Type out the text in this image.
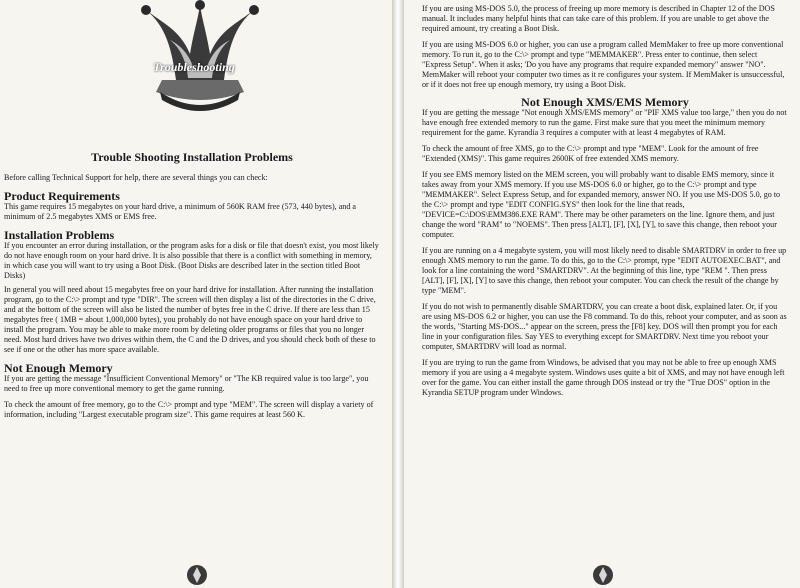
Troubleshooting
Trouble Shooting Installation Problems

Before calling Technical Support for help, there are several things you can check:

Product Requirements

This game requires 15 megabytes on your hard drive, a minimum of 560K RAM free (573, 440 bytes), and a minimum of 2.5 megabytes XMS or EMS free.

Installation Problems

If you encounter an error during installation, or the program asks for a disk or file that doesn't exist, you most likely do not have enough room on your hard drive. It is also possible that there is a conflict with something in memory, in which case you will want to try using a Boot Disk. (Boot Disks are described later in the section titled Boot Disks)

In general you will need about 15 megabytes free on your hard drive for installation. After running the installation program, go to the C:\> prompt and type "DIR". The screen will then display a list of the directories in the C drive, and at the bottom of the screen will also be listed the number of bytes free in the C drive. If there are less than 15 megabytes free ( 1MB = about 1,000,000 bytes), you probably do not have enough space on your hard drive to install the program. You may be able to make more room by deleting older programs or files that you no longer need. Most hard drives have two drives within them, the C and the D drives, and you should check both of these to see if one or the other has more space available.

Not Enough Memory

If you are getting the message "Insufficient Conventional Memory" or "The KB required value is too large", you need to free up more conventional memory to get the game running.

To check the amount of free memory, go to the C:\> prompt and type "MEM". The screen will display a variety of information, including "Largest executable program size". This game requires at least 560 K.

If you are using MS-DOS 5.0, the process of freeing up more memory is described in Chapter 12 of the DOS manual. It includes many helpful hints that can take care of this problem. If you are unable to get above the required amount, try creating a Boot Disk.

If you are using MS-DOS 6.0 or higher, you can use a program called MemMaker to free up more conventional memory. To run it, go to the C:\> prompt and type "MEMMAKER". Press enter to continue, then select "Express Setup". When it asks; 'Do you have any programs that require expanded memory" answer "NO". MemMaker will reboot your computer two times as it re configures your system. If MemMaker is unsuccessful, or if it does not free up enough memory, try using a Boot Disk.

Not Enough XMS/EMS Memory

If you are getting the message "Not enough XMS/EMS memory" or "PIF XMS value too large," then you do not have enough free extended memory to run the game. First make sure that you meet the minimum memory requirement for the game. Kyrandia 3 requires a computer with at least 4 megabytes of RAM.

To check the amount of free XMS, go to the C:\> prompt and type "MEM". Look for the amount of free "Extended (XMS)". This game requires 2600K of free extended XMS memory.

If you see EMS memory listed on the MEM screen, you will probably want to disable EMS memory, since it takes away from your XMS memory. If you use MS-DOS 6.0 or higher, go to the C:\> prompt and type "MEMMAKER". Select Express Setup, and for expanded memory, answer NO. If you use MS-DOS 5.0, go to the C:\> prompt and type "EDIT CONFIG.SYS" then look for the line that reads, "DEVICE=C:\DOS\EMM386.EXE RAM". There may be other parameters on the line. Ignore them, and just change the word "RAM" to "NOEMS". Then press [ALT], [F], [X], [Y], to save this change, then reboot your computer.

If you are running on a 4 megabyte system, you will most likely need to disable SMARTDRV in order to free up enough XMS memory to run the game. To do this, go to the C:\> prompt, type "EDIT AUTOEXEC.BAT", and look for a line containing the word "SMARTDRV". At the beginning of this line, type "REM ". Then press [ALT], [F], [X], [Y] to save this change, then reboot your computer. You can check the result of the change by type "MEM".

If you do not wish to permanently disable SMARTDRV, you can create a boot disk, explained later. Or, if you are using MS-DOS 6.2 or higher, you can use the F8 command. To do this, reboot your computer, and as soon as the words, "Starting MS-DOS..." appear on the screen, press the [F8] key. DOS will then prompt you for each line in your configuration files. Say YES to everything except for SMARTDRV. Next time you reboot your computer, SMARTDRV will load as normal.

If you are trying to run the game from Windows, be advised that you may not be able to free up enough XMS memory if you are using a 4 megabyte system. Windows uses quite a bit of XMS, and may not have enough left over for the game. You can either install the game through DOS instead or try the "True DOS" option in the Kyrandia SETUP program under Windows.
